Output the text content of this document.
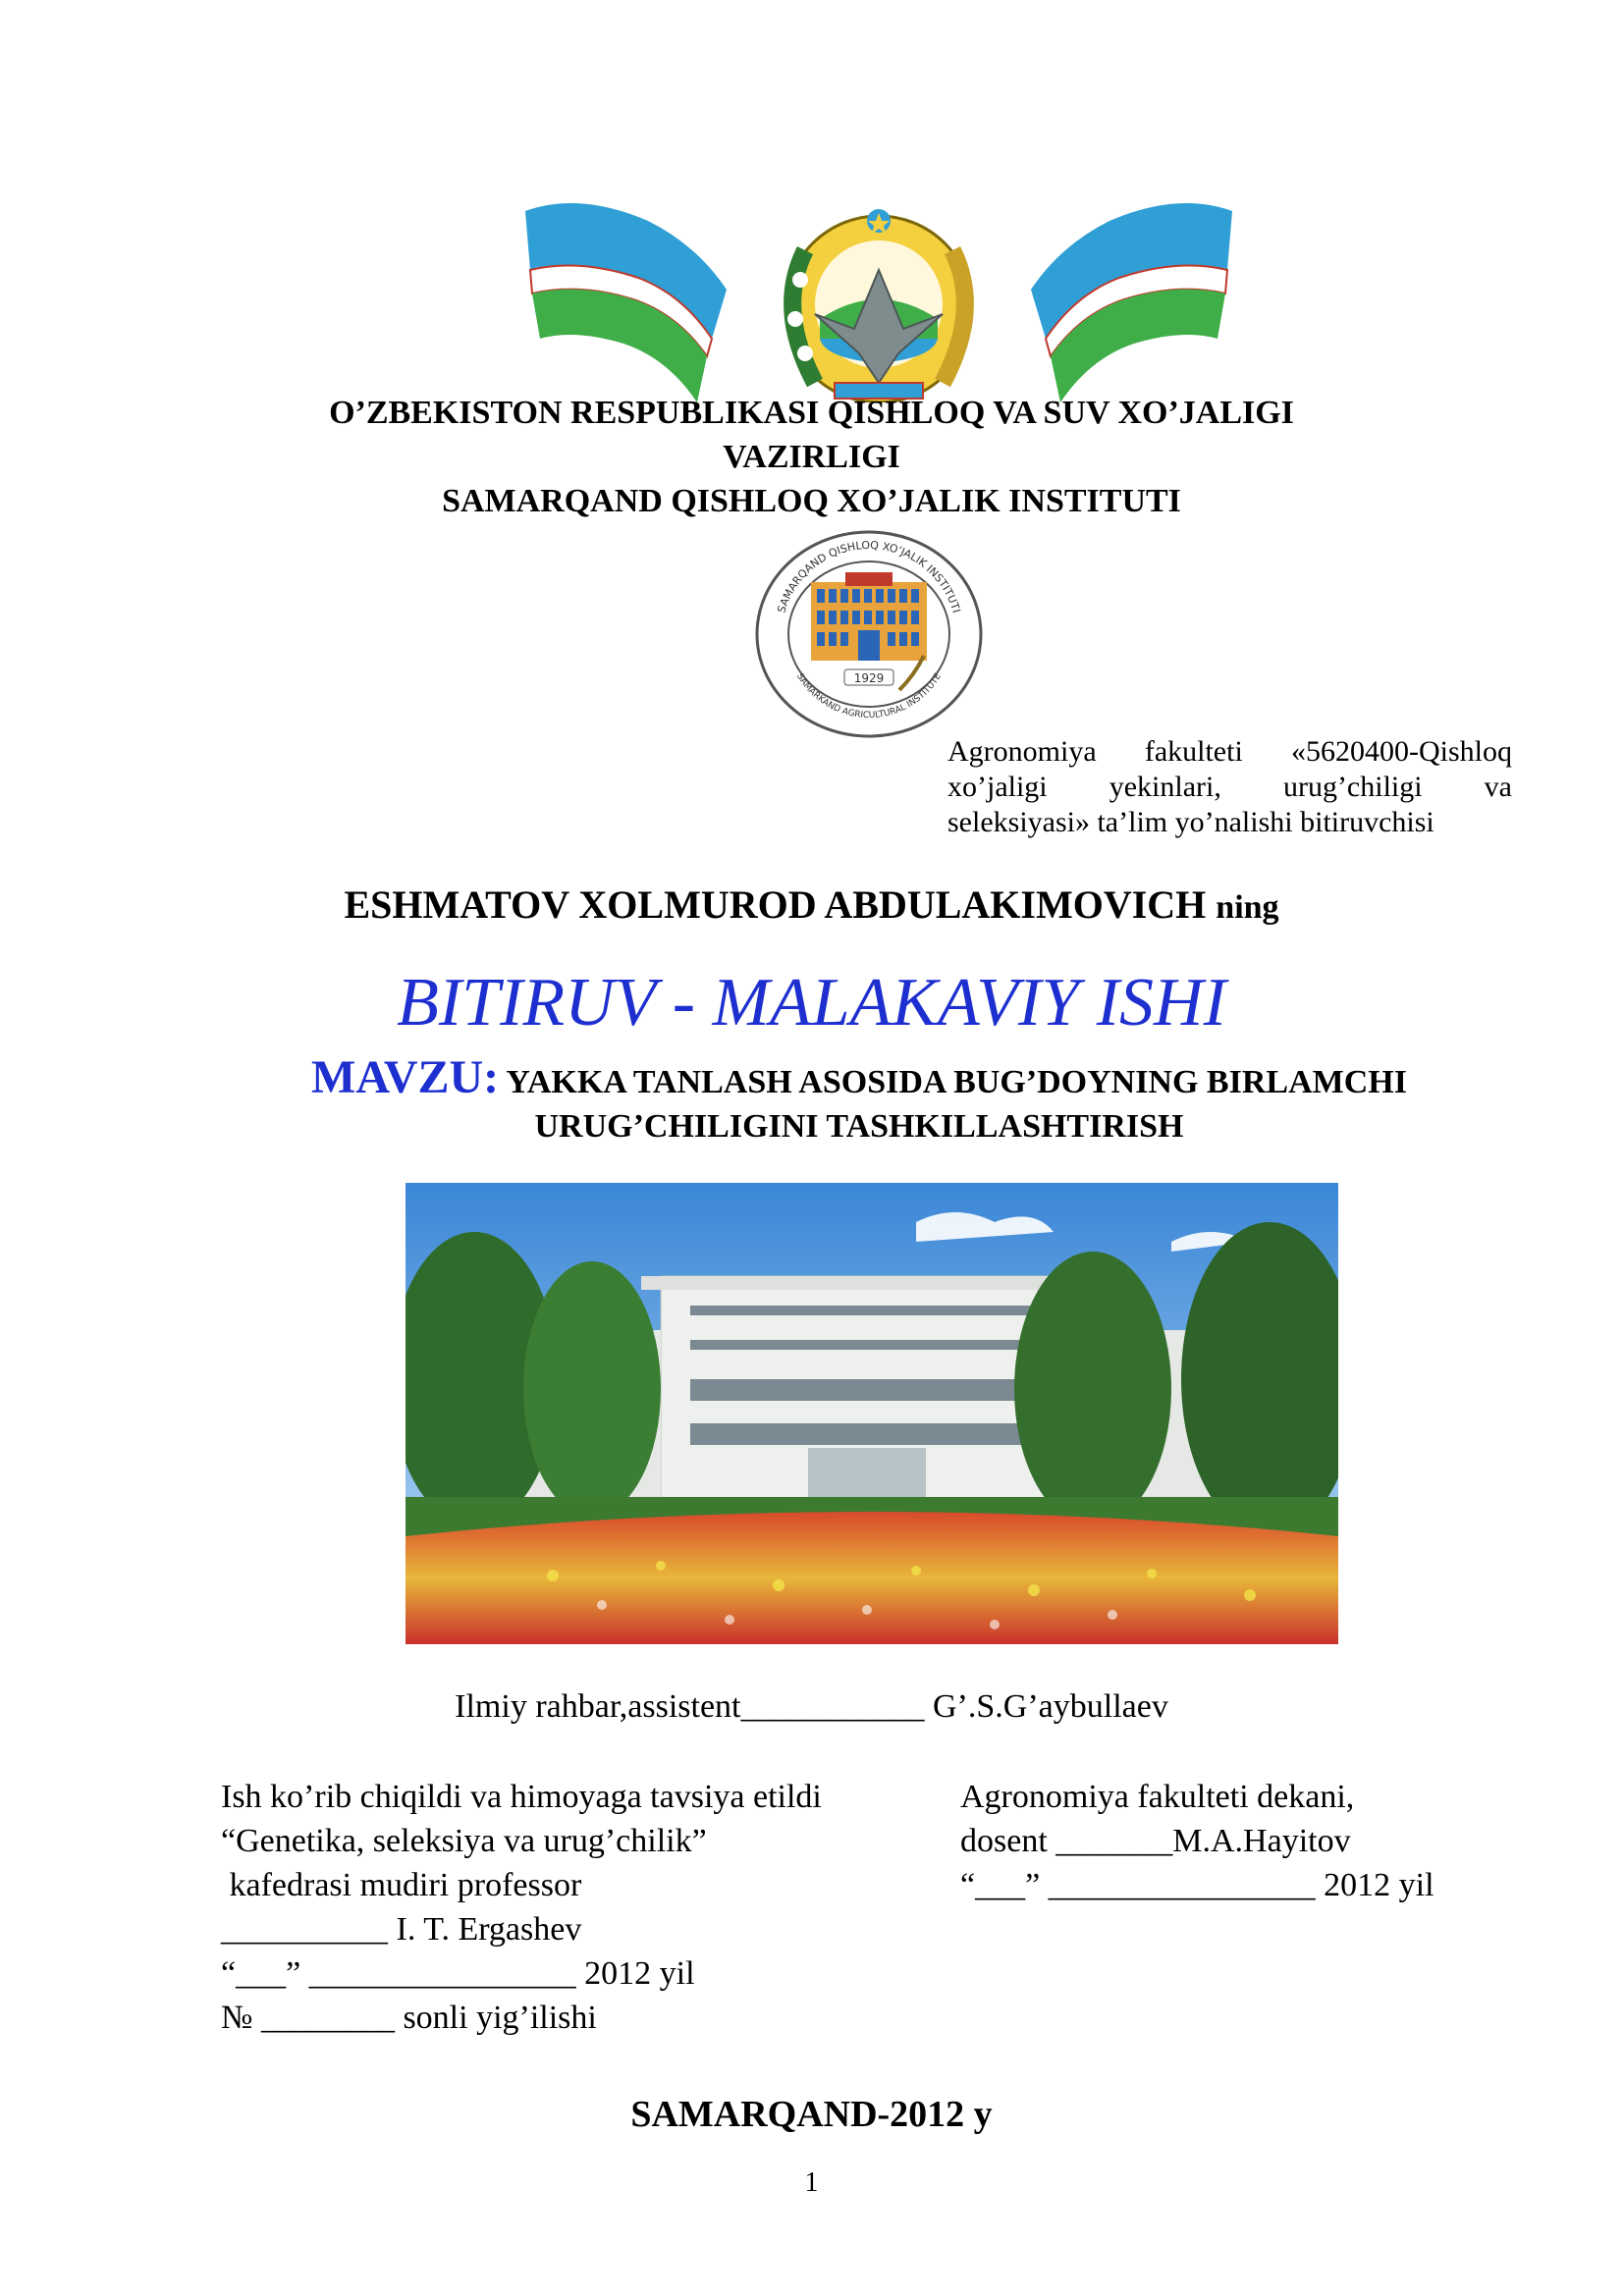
O’ZBEKISTON RESPUBLIKASI QISHLOQ VA SUV XO’JALIGI
VAZIRLIGI
SAMARQAND QISHLOQ XO’JALIK INSTITUTI
SAMARQAND QISHLOQ XO’JALIK INSTITUTI
SAMARKAND AGRICULTURAL INSTITUTE
1929
Agronomiya fakulteti «5620400-Qishloq
xo’jaligi yekinlari, urug’chiligi va
seleksiyasi» ta’lim yo’nalishi bitiruvchisi
ESHMATOV XOLMUROD ABDULAKIMOVICH ning
BITIRUV - MALAKAVIY ISHI
MAVZU: YAKKA TANLASH ASOSIDA BUG’DOYNING BIRLAMCHI
URUG’CHILIGINI TASHKILLASHTIRISH
Ilmiy rahbar,assistent___________ G’.S.G’aybullaev
Ish ko’rib chiqildi va himoyaga tavsiya etildi
“Genetika, seleksiya va urug’chilik”
kafedrasi mudiri professor
__________ I. T. Ergashev
“___” ________________ 2012 yil
№ ________ sonli yig’ilishi
Agronomiya fakulteti dekani,
dosent _______M.A.Hayitov
“___” ________________ 2012 yil
SAMARQAND-2012 y
1
